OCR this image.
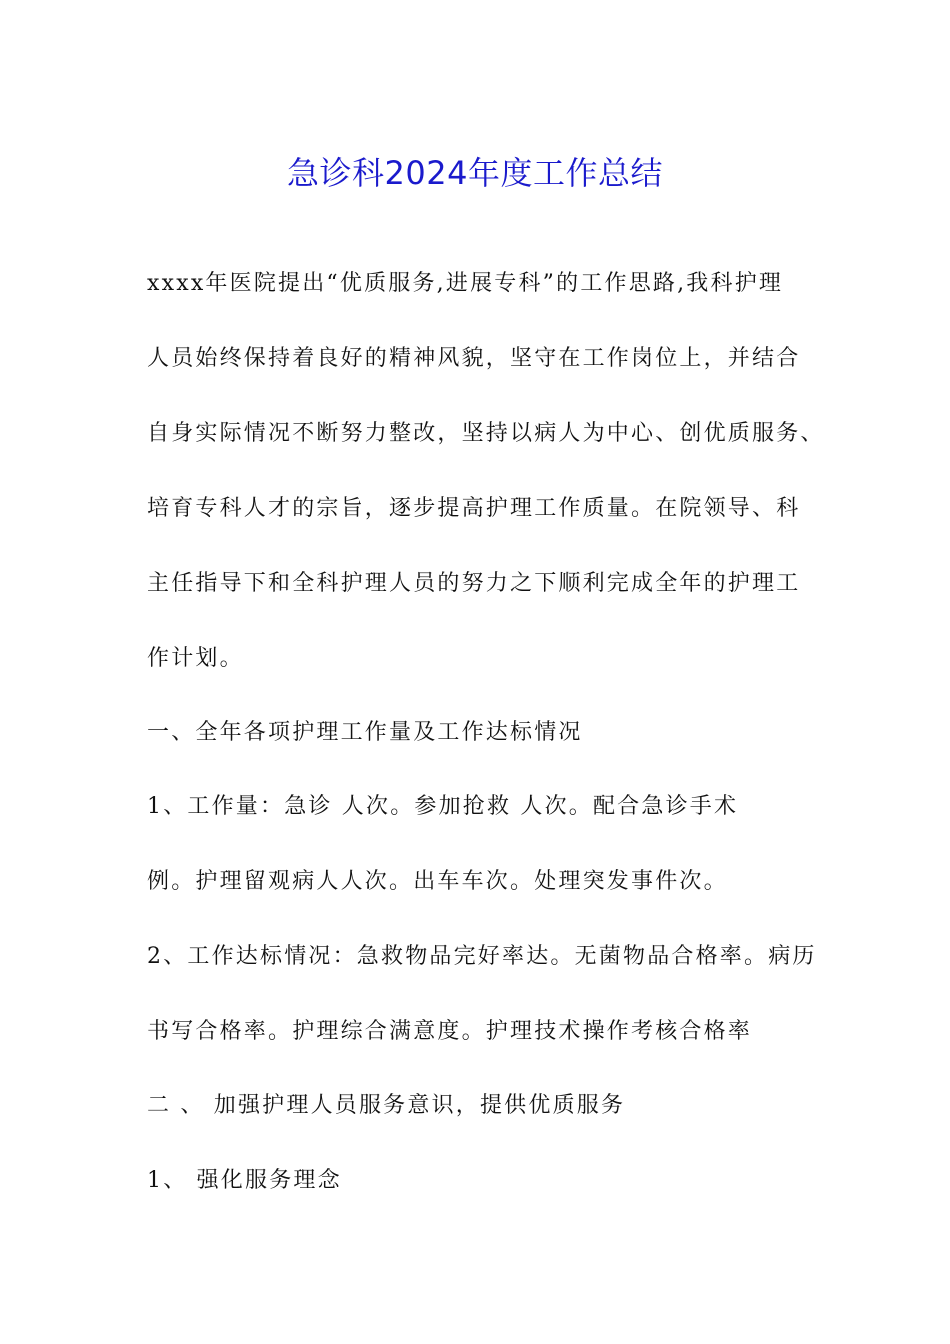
急诊科2024年度工作总结
xxxx年医院提出“优质服务,进展专科”的工作思路,我科护理
人员始终保持着良好的精神风貌，坚守在工作岗位上，并结合
自身实际情况不断努力整改，坚持以病人为中心、创优质服务、
培育专科人才的宗旨，逐步提高护理工作质量。在院领导、科
主任指导下和全科护理人员的努力之下顺利完成全年的护理工
作计划。
一、全年各项护理工作量及工作达标情况
1、工作量：急诊 人次。参加抢救 人次。配合急诊手术
例。护理留观病人人次。出车车次。处理突发事件次。
2、工作达标情况：急救物品完好率达。无菌物品合格率。病历
书写合格率。护理综合满意度。护理技术操作考核合格率
二 、 加强护理人员服务意识，提供优质服务
1、 强化服务理念
